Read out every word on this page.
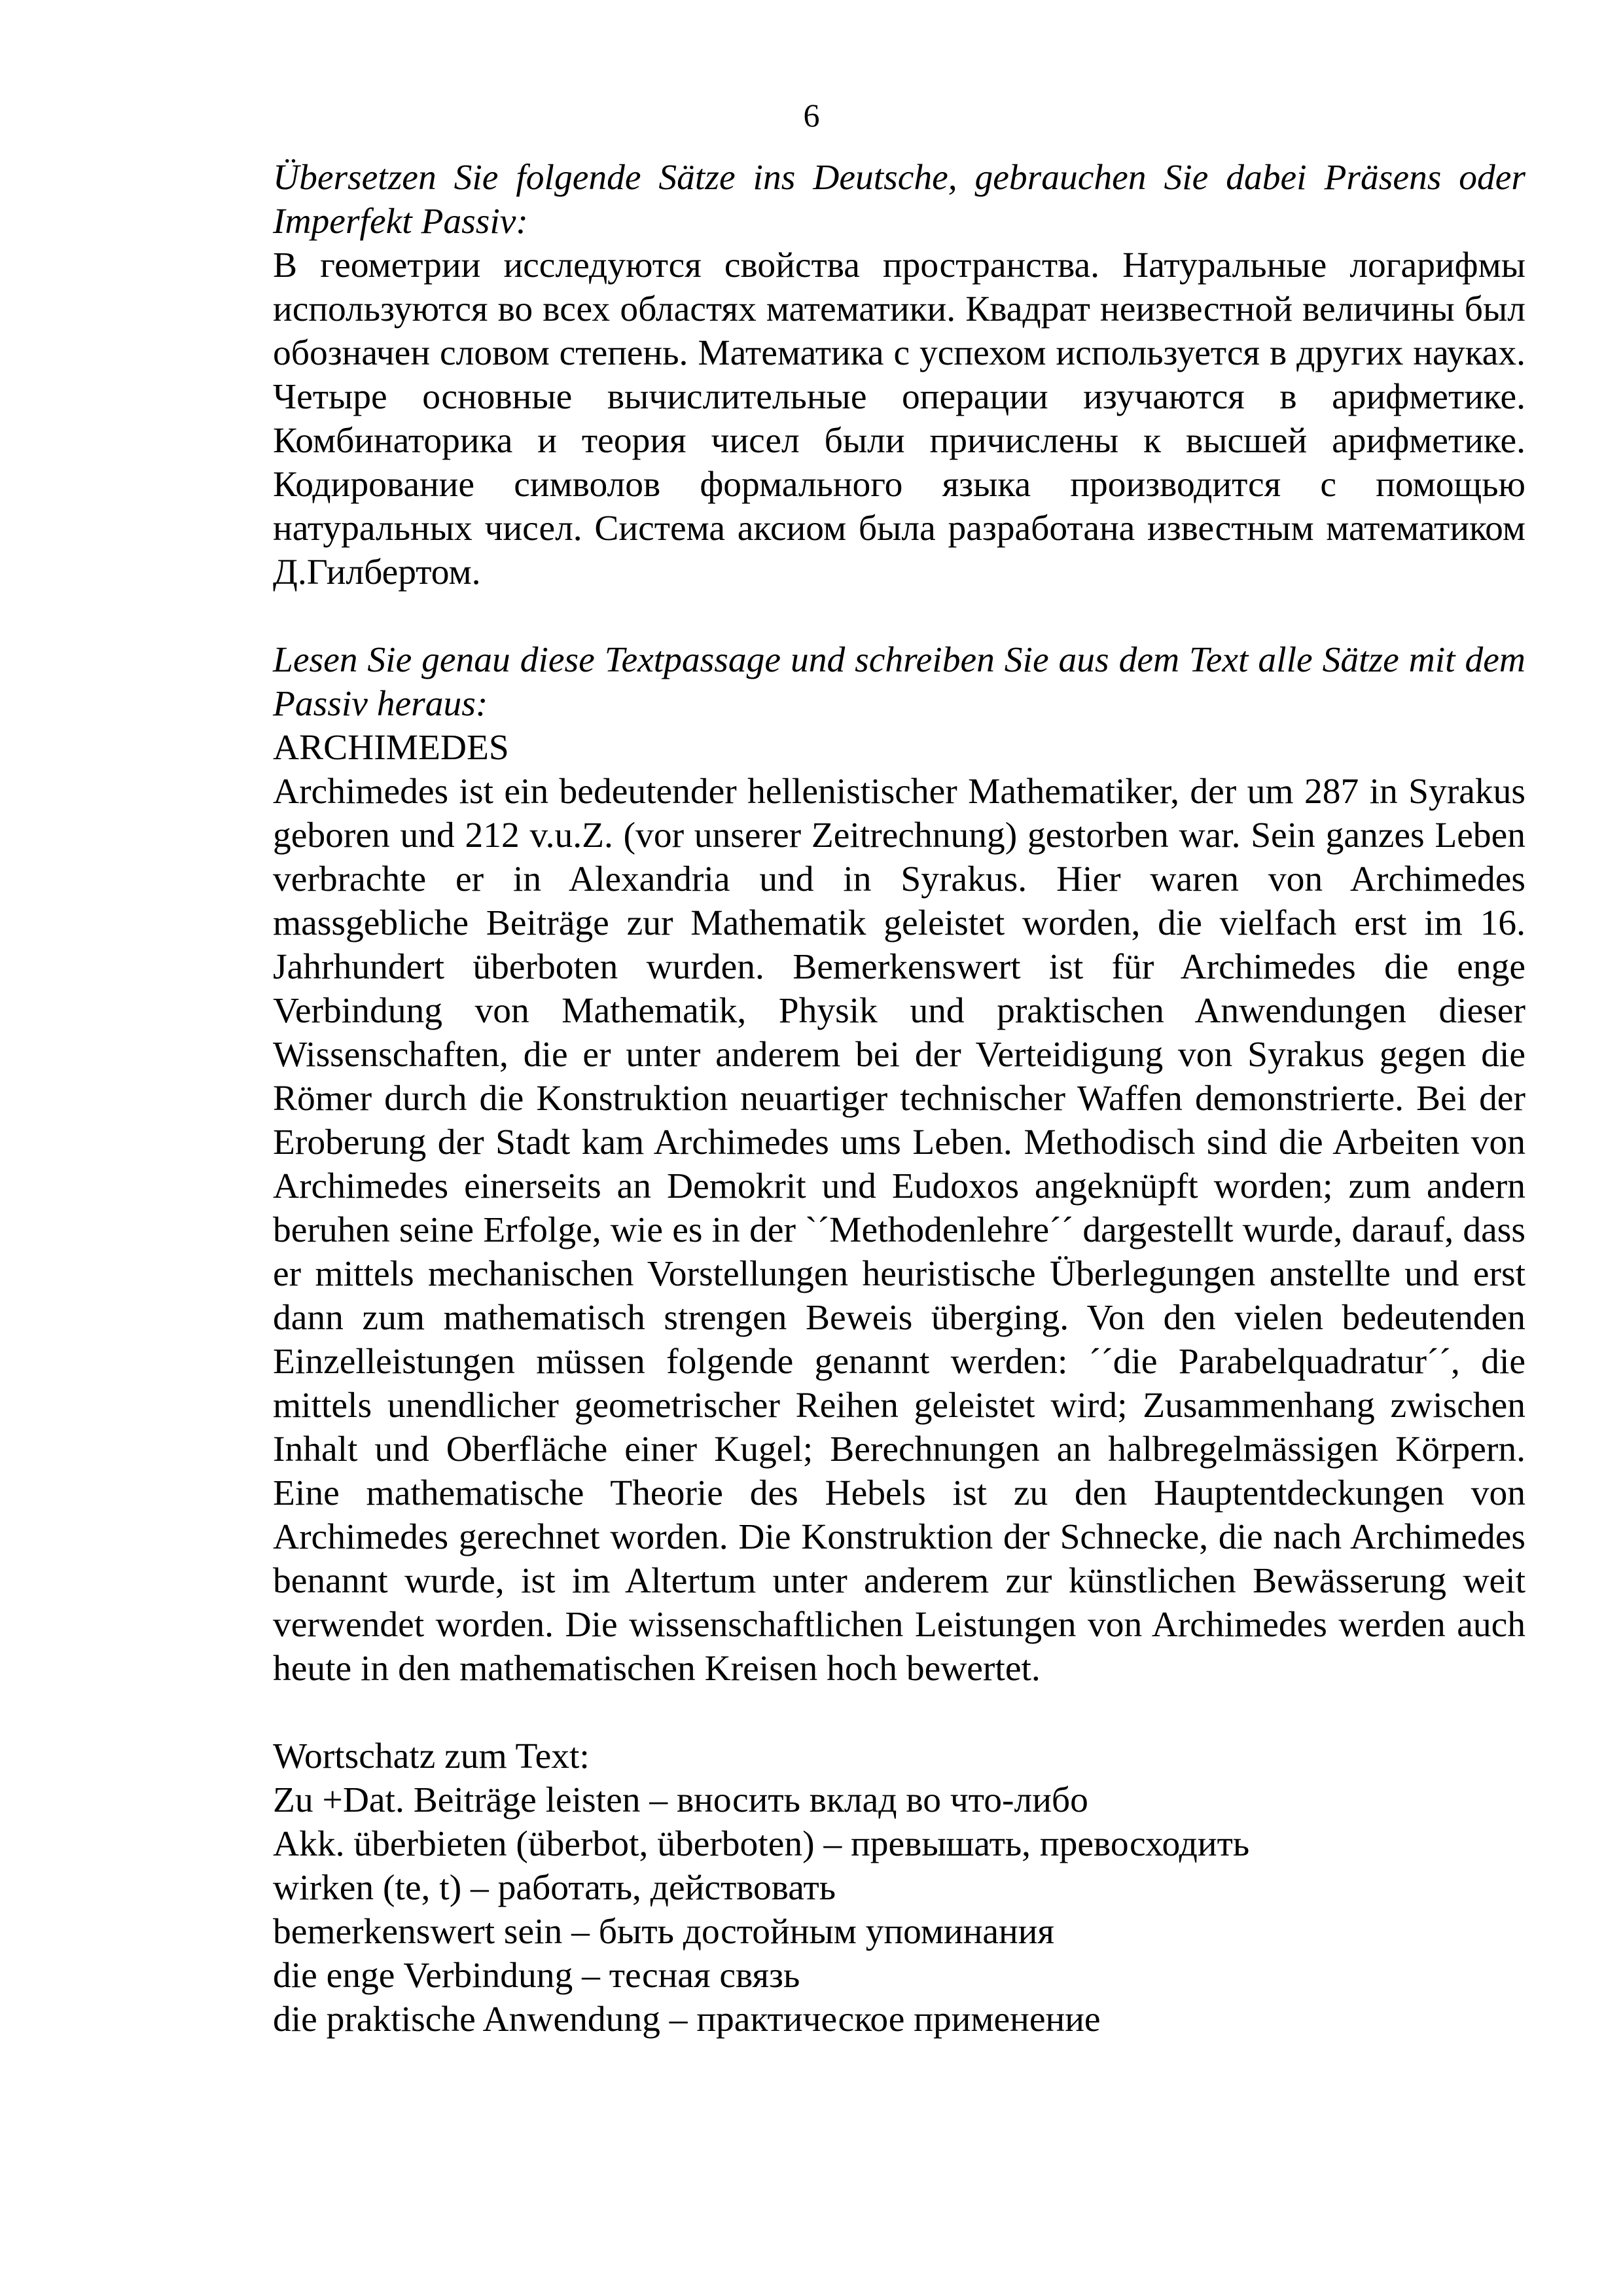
6

Übersetzen Sie folgende Sätze ins Deutsche, gebrauchen Sie dabei Präsens oder Imperfekt Passiv:

В геометрии исследуются свойства пространства. Натуральные логарифмы используются во всех областях математики. Квадрат неизвестной величины был обозначен словом степень. Математика с успехом используется в других науках. Четыре основные вычислительные операции изучаются в арифметике. Комбинаторика и теория чисел были причислены к высшей арифметике. Кодирование символов формального языка производится с помощью натуральных чисел. Система аксиом была разработана известным математиком Д.Гилбертом.

Lesen Sie genau diese Textpassage und schreiben Sie aus dem Text alle Sätze mit dem Passiv heraus:

ARCHIMEDES

Archimedes ist ein bedeutender hellenistischer Mathematiker, der um 287 in Syrakus geboren und 212 v.u.Z. (vor unserer Zeitrechnung) gestorben war. Sein ganzes Leben verbrachte er in Alexandria und in Syrakus. Hier waren von Archimedes massgebliche Beiträge zur Mathematik geleistet worden, die vielfach erst im 16. Jahrhundert überboten wurden. Bemerkenswert ist für Archimedes die enge Verbindung von Mathematik, Physik und praktischen Anwendungen dieser Wissenschaften, die er unter anderem bei der Verteidigung von Syrakus gegen die Römer durch die Konstruktion neuartiger technischer Waffen demonstrierte. Bei der Eroberung der Stadt kam Archimedes ums Leben. Methodisch sind die Arbeiten von Archimedes einerseits an Demokrit und Eudoxos angeknüpft worden; zum andern beruhen seine Erfolge, wie es in der `´Methodenlehre´´ dargestellt wurde, darauf, dass er mittels mechanischen Vorstellungen heuristische Überlegungen anstellte und erst dann zum mathematisch strengen Beweis überging. Von den vielen bedeutenden Einzelleistungen müssen folgende genannt werden: ´´die Parabelquadratur´´, die mittels unendlicher geometrischer Reihen geleistet wird; Zusammenhang zwischen Inhalt und Oberfläche einer Kugel; Berechnungen an halbregelmässigen Körpern. Eine mathematische Theorie des Hebels ist zu den Hauptentdeckungen von Archimedes gerechnet worden. Die Konstruktion der Schnecke, die nach Archimedes benannt wurde, ist im Altertum unter anderem zur künstlichen Bewässerung weit verwendet worden. Die wissenschaftlichen Leistungen von Archimedes werden auch heute in den mathematischen Kreisen hoch bewertet.

Wortschatz zum Text:

Zu +Dat. Beiträge leisten – вносить вклад во что-либо
Akk. überbieten (überbot, überboten) – превышать, превосходить
wirken (te, t) – работать, действовать
bemerkenswert sein – быть достойным упоминания
die enge Verbindung – тесная связь
die praktische Anwendung – практическое применение
